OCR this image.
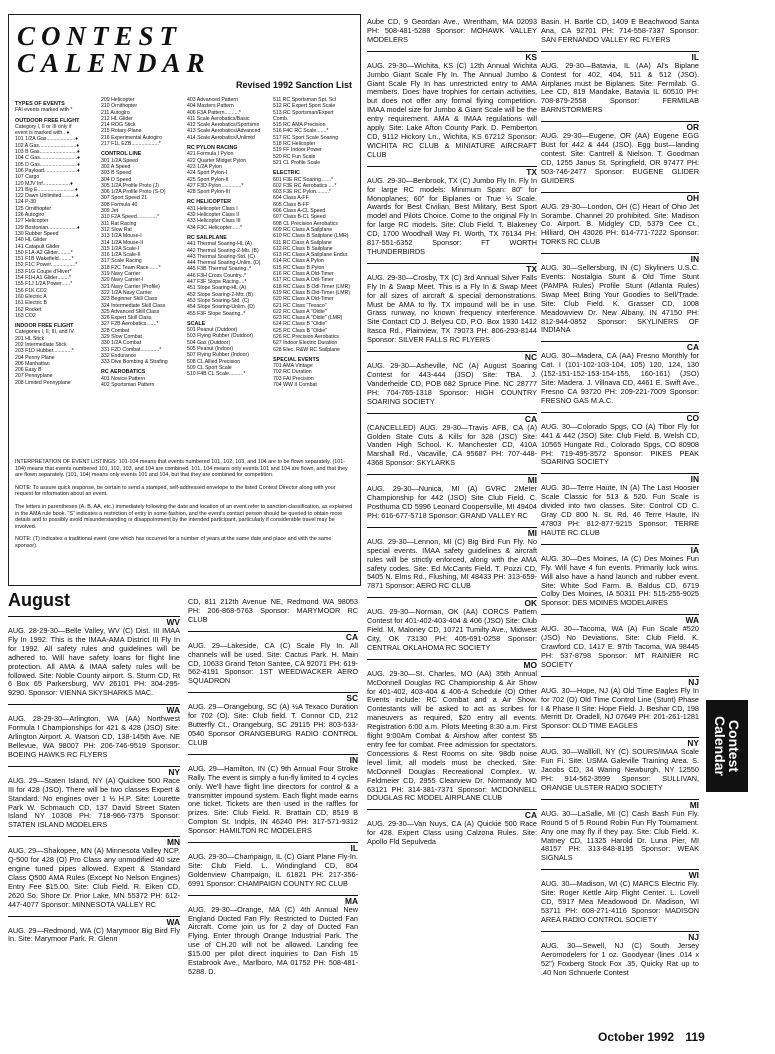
CONTEST
CALENDAR

Revised 1992 Sanction List

TYPES OF EVENTS
FAI events marked with *
OUTDOOR FREE FLIGHT
Category I, II or III only if
event is marked with.. ♦
101 1/2A Gas....................♦
102 A Gas..........................♦
103 B Gas..........................♦
104 C Gas..........................♦
105 D Gas..........................♦
106 Payload.......................♦
107 Cargo
120 MJV Inf...................♦
121 Big E..........................♦
122 Dawn Unlimited..........♦
124 P-30
125 Ornithopter
126 Autogiro
127 Helicopter
129 Bostonian....................♦
130 Rubber Speed
140 HL Glider
141 Catapult Glider
150 F1A-A2 Glider.........*
151 F1B Wakefield.........*
152 F1C Power.................*
153 F1G Coupe d'Hiver*
154 F1H A1 Glider........*
155 F1J 1/2A Power......*
156 F1K CO2
160 Electric A
161 Electric B
162 Rocket
163 CO2
INDOOR FREE FLIGHT
Categories I, II, III, and IV
201 HL Stick
202 Intermediate Stick
203 F1D Hubber.............*
204 Penny Plane
206 Manhattan
206 Easy B
207 Pennyplane
208 Limited Pennyplane
209 Helicopter
210 Ornithopter
211 Autogiro
212 HL Glider
214 ROG Stick
215 Rotary-Plane
216 Experimental Autogiro
217 F1L EZB...................*
CONTROL LINE
301 1/2A Speed
302 A Speed
303 B Speed
304 D Speed
305 1/2A Profile Proto (J)
306 1/2A Profile Proto (S-O)
307 Sport Speed 21
308 Formula 40
309 Jet
310 F2A Speed..............*
311 Rat Racing
312 Slow Rat
313 1/2A Mouse-I
314 1/2A Mouse-II
315 1/2A Scale-I
316 1/2A Scale-II
317 Scale Racing
318 F2C Team Race ......*
319 Navy Carrier
320 Navy Carrier-I
321 Navy Carrier (Profile)
322 1/2A Navy Carrier
323 Beginner Skill Class
324 Intermediate Skill Class
325 Advanced Skill Class
326 Expert Skill Class
327 F2B Aerobatics.......*
328 Combat
329 Slow Combat
330 1/2A Combat
331 F2D Combat.............*
332 Endurance
333 Dive Bombing & Strafing
RC AEROBATICS
401 Novice Pattern
402 Sportsman Pattern
403 Advanced Pattern
404 Masters Pattern
406 F3A Pattern..........*
411 Scale Aerobatics/Basic
412 Scale Aerobatics/Sportsmn
413 Scale Aerobatics/Advanced
414 Scale Aerobatics/Unlimtd
RC PYLON RACING
421 Formula I Pylon
422 Quarter Midget Pylon
423 1/2A Pylon
424 Sport Pylon-I
425 Sport Pylon-II
427 F3D Pylon..............*
428 Sport Pylon-III
RC HELICOPTER
431 Helicopter Class I
432 Helicopter Class II
433 Helicopter Class III
434 F3C Helicopter......*
RC SAILPLANE
441 Thermal Soaring-HL (A)
442 Thermal Soaring-2-Mtr. (B)
443 Thermal Soaring-Std. (C)
444 Thermal Soaring-Unlim. (D)
445 F3B Thermal Soaring..*
446 F3H Cross Country..*
447 F3F Slope Racing....*
451 Slope Soaring-HL (A)
452 Slope Soaring-2-Mtr. (B)
453 Slope Soaring-Std. (C)
454 Slope Soaring-Unlim. (D)
455 F3F Slope Soaring..*
SCALE
501 Peanut (Outdoor)
503 Flying Rubber (Outdoor)
504 Gas (Outdoor)
505 Peanut (Indoor)
507 Flying Rubber (Indoor)
508 CL Allied Precision
509 CL Sport Scale
510 F4B CL Scale..........*
511 RC Sportsman Spt. Scl
512 RC Expert Sport Scale
513 RC Sportsman/Expert
Comb.
515 RC AMA Precision
516 F4C RC Scale.......*
517 RC Sport Scale Soaring
518 RC Helicopter
519 FF Indoor Power
520 RC Fun Scale
521 CL Profile Scale
ELECTRIC
601 F3E RC Soaring.......*
602 F3E RC Aerobatics ....*
603 F3E RC Pylon.........*
604 Class A-FF
605 Class B-FF
606 Class A-CL Speed
607 Class B-CL Speed
608 CL Precision Aerobatics
609 RC Class A Sailplane
610 RC Class B Sailplane (LMR)
611 RC Class A Sailplane
612 RC Class B Sailplane
613 RC Class A Sailplane Endur.
614 RC Class A Pylon
615 RC Class B Pylon
616 RC Class A Old-Timer
617 RC Class A Odl-Timer
618 RC Class B Odl-Timer (LMR)
619 RC Class B Old-Timer (LMR)
620 RC Class A Old-Timer
621 RC Class "Texaco"
622 RC Class A "Oldie"
623 RC Class A "Oldie" (LMR)
624 RC Class B "Oldie"
625 RC Class B "Oldie"
626 RC Precision Aerobatics
627 Indoor Electric Duration
628 Elec. R&W RC Sailplane
SPECIAL EVENTS
701 AMA Vintage
702 RC Duration
703 FAI Precision
704 WW II Combat

INTERPRETATION OF EVENT LISTINGS: 101-104 means that events numbered 101, 102, 103, and 104 are to be flown separately. (101-104) means that events numbered 101, 102, 103, and 104 are combined. 101, 104 means only events 101 and 104 are flown, and that they are flown separately. (101, 104) means only events 101 and 104, but that they are combined for competition.

NOTE: To assure quick response, be certain to send a stamped, self-addressed envelope to the listed Contest Director along with your request for information about an event.

The letters in parentheses (A, B, AA, etc.) immediately following the date and location of an event refer to sanction classification, as explained in the AMA rule book. "S" indicates a restriction of entry in some fashion, and the event's contact person should be queried to obtain more details and to possibly avoid misunderstanding or disappointment by the intended participant, particularly if considerable travel may be involved.

NOTE: (T) indicates a traditional event (one which has occurred for a number of years at the same date and place and with the same sponsor).

August
WV

AUG. 28-29-30—Belle Valley, WV (C) Dist. III IMAA Fly In 1992. This is the IMAA-AMA District III Fly In for 1992. All safety rules and guidelines will be adhered to. Will have safety loans for flight line protection. All AMA & IMAA safety rules will be followed. Site: Noble County airport. S. Sturm CD, Rt 6 Box 65 Parkersburg, WV 26101 PH: 304-295-9290. Sponsor: VIENNA SKYSHARKS MAC.

WA

AUG. 28-29-30—Arlington, WA (AA) Northwest Formula I Championships for 421 & 428 (JSO) Site: Arlington Airport. A. Watson CD, 138-145th Ave. NE Bellevue, WA 98007 PH: 206-746-9519 Sponsor: BOEING HAWKS RC FLYERS

NY

AUG. 29—Staten Island, NY (A) Quickee 500 Race III for 428 (JSO). There will be two classes Expert & Standard. No engines over 1 ½ H.P. Site: Lourette Park W. Schmauch CD, 137 David Street Staten Island NY 10308 PH: 718-966-7375 Sponsor: STATEN ISLAND MODELERS

MN

AUG. 29—Shakopee, MN (A) Minnesota Valley NCP, Q-500 for 428 (O) Pro Class any unmodified 40 size engine tuned pipes allowed. Expert & Standard Class Q500 AMA Rules (Except No Nelson Engines) Entry Fee $15.00. Site: Club Field. R. Eiken CD, 2620 So. Shore Dr. Prior Lake, MN 55372 PH: 612-447-4077 Sponsor: MINNESOTA VALLEY RC

WA

AUG. 29—Redmond, WA (C) Marymoor Big Bird Fly In. Site: Marymoor Park. R. Glenn

CD, 811 212th Avenue NE, Redmond WA 98053 PH: 206-868-5763 Sponsor: MARYMOOR RC CLUB

CA

AUG. 29—Lakeside, CA (C) Scale Fly In. All channels will be used. Site: Cactus Park. H. Main CD, 10633 Grand Teton Santee, CA 92071 PH: 619-562-4191 Sponsor: 1ST WEEDWACKER AERO SQUADRON

SC

AUG. 29—Orangeburg, SC (A) ½A Texaco Duration for 702 (O). Site: Club field. T. Connor CD, 212 Butterfly Ct., Orangeburg, SC 29115 PH: 803-533-0540 Sponsor ORANGEBURG RADIO CONTROL CLUB

IN

AUG. 29—Hamilton, IN (C) 9th Annual Four Stroke Rally. The event is simply a fun-fly limited to 4 cycles only. We'll have flight line directors for control & a transmitter impound system. Each flight made earns one ticket. Tickets are then used in the raffles for prizes. Site: Club Field. R. Brattain CD, 8519 B Compton St. Indpls, IN 46240 PH: 317-571-9312 Sponsor: HAMILTON RC MODELERS

IL

AUG. 29-30—Champaign, IL (C) Giant Plane Fly-In. Site: Club Field. L. Windingland CD, 804 Goldenview Champaign, IL 61821 PH: 217-356-6991 Sponsor: CHAMPAIGN COUNTY RC CLUB

MA

AUG. 29-30—Orange, MA (C) 4th Annual New England Ducted Fan Fly. Restricted to Ducted Fan Aircraft. Come join us for 2 day of Ducted Fan Flying. Enter through Orange Industrial Park. The use of CH.20 will not be allowed. Landing fee $15.00 per pilot direct inquiries to Dan Fish 15 Estabrook Ave., Marlboro, MA 01752 PH: 508-481-5288. D.

Aube CD, 9 Geordan Ave., Wrentham, MA 02093 PH: 508-481-5288 Sponsor: MOHAWK VALLEY MODELERS

KS

AUG. 29-30—Wichita, KS (C) 12th Annual Wichita Jumbo Giant Scale Fly In. The Annual Jumbo & Giant Scale Fly In has unrestricted entry to AMA members. Does have trophies for certain activities, but does not offer any formal flying competition. IMAA model size for Jumbo & Giant Scale will be the entry requirement. AMA & IMAA regulations will apply. Site: Lake Afton County Park. D. Pemberton CD, 9112 Hickory Ln., Wichita, KS 67212 Sponsor: WICHITA RC CLUB & MINIATURE AIRCRAFT CLUB

TX

AUG. 29-30—Benbrook, TX (C) Jumbo Fly In. Fly In for large RC models: Minimum Span: 80" for Monoplanes; 60" for Biplanes or True ¼ Scale. Awards for Best Civilian, Best Military, Best Sport model and Pilots Choice. Come to the original Fly In for large RC models. Site: Club Field. T. Blakeney CD, 1700 Woodhall Way Ft. Worth, TX 76134 PH: 817-551-6352 Sponsor: FT WORTH THUNDERBIRDS

TX

AUG. 29-30—Crosby, TX (C) 3rd Annual Silver Falls Fly In & Swap Meet. This is a Fly In & Swap Meet for all sizes of aircraft & special demonstrations. Must be AMA to fly. TX impound will be in use. Grass runway, no known frequency interference. Site Contact CD J. Belyeu CD, P.O. Box 1930 1412 Itasca Rd., Plainview, TX 79073 PH: 806-293-8144 Sponsor: SILVER FALLS RC FLYERS

NC

AUG. 29-30—Asheville, NC (A) August Soaring Contest for 443-444 (JSO) Site: TBA. J. Vanderheide CD, POB 682 Spruce Pine. NC 28777 PH: 704-765-1318 Sponsor: HIGH COUNTRY SOARING SOCIETY

CA

(CANCELLED) AUG. 29-30—Travis AFB, CA (A) Golden State Cuts & Kills for 328 (JSC) Site: Vanden High School. K. Manchester CD, 410A Marshall Rd., Vacaville, CA 95687 PH: 707-448-4368 Sponsor: SKYLARKS

MI

AUG. 29-30—Nunica, MI (A) GVRC 2Meter Championship for 442 (JSO) Site Club Field. C. Posthuma CD 5996 Leonard Coopersville, MI 49404 PH: 616-677-5718 Sponsor: GRAND VALLEY RC

MI

AUG. 29-30—Lennon, MI (C) Big Bird Fun Fly. No special events. IMAA safety guidelines & aircraft rules will be strictly enforced, along with the AMA safety codes. Site: Ed McCants Field. T. Pozzi CD, 5405 N. Elms Rd., Flushing, MI 48433 PH: 313-659-7871 Sponsor: AERO RC CLUB

OK

AUG. 29-30—Norman, OK (AA) CORCS Pattern Contest for 401-402-403-404 & 406 (JSO) Site: Club Field. M. Maloney CD, 10721 Tumilty Ave., Midwest City, OK 73130 PH: 405-691-0258 Sponsor: CENTRAL OKLAHOMA RC SOCIETY

MO

AUG. 29-30—St. Charles, MO (AA) 35th Annual McDonnell Douglas RC Championship & Air Show for 401-402, 403-404 & 406-A Schedule (O) Other Events include: RC Combat and a Air Show. Contestants will be asked to act as scribes for maneuvers as required, $20 entry all events. Registration 6:00 a.m. Pilots Meeting 8:30 a.m. First flight 9:00Am Combat & Airshow after contest $5 entry fee for combat. Free admission for spectators. Concessions & Rest Rooms on site. 98db noise level limit, all models must be checked. Site: McDonnell Douglas Recreational Complex. W. Feldmeier CD, 2955 Clearview Dr. Normandy MO 63121 PH: 314-381-7371 Sponsor: MCDONNELL DOUGLAS RC MODEL AIRPLANE CLUB

CA

AUG. 29-30—Van Nuys, CA (A) Quickie 500 Race for 428. Expert Class using Calzona Rules. Site: Apollo Fld Sepulveda

Basin. H. Bartle CD, 1409 E Beachwood Santa Ana, CA 92701 PH: 714-558-7337 Sponsor: SAN FERNANDO VALLEY RC FLYERS

IL

AUG. 29-30—Batavia, IL (AA) Al's Biplane Contest for 402, 404, 511 & 512 (JSO). Airplanes must be Biplanes. Site: Fermilab. G. Lee CD, 819 Mandake, Batavia IL 60510 PH: 708-879-2558 Sponsor: FERMILAB BARNSTORMERS

OR

AUG. 29-30—Eugene, OR (AA) Eugene EGG Bust for 442 & 444 (JSO). Egg bust—landing contest. Site: Cantrell & Nielson. T. Goodman CD, 1255 Janus St. Springfield, OR 97477 PH: 503-746-2477 Sponsor: EUGENE GLIDER GUIDERS

OH

AUG. 29-30—London, OH (C) Heart of Ohio Jet Sorambe. Channel 20 prohibited. Site: Madison Co. Airport. B. Midgley CD, 5379 Cee Ct., Hilliard, OH 43026 PH: 614-771-7222 Sponsor: TORKS RC CLUB

IN

AUG. 30—Sellersburg, IN (C) Skyliners U.S.C. Events: Nostalgia Stunt & Old Time Stunt (PAMPA Rules) Profile Stunt (Atlanta Rules) Swap Meet Bring Your Goodies to Sell/Trade. Site: Club Field. K. Grasser CD, 1008 Meadowview Dr. New Albany, IN 47150 PH: 812-944-0852 Sponsor: SKYLINERS OF INDIANA

CA

AUG. 30—Madera, CA (AA) Fresno Monthly for Cat. I (101-102-103-104, 105) 120, 124, 130 (152-151-152-153-154-155, 160-161) (JSO) Site: Madera. J. Villnava CD, 4461 E. Swift Ave., Fresno CA 93720 PH: 209-221-7009 Sponsor: FRESNO GAS M.A.C.

CO

AUG. 30—Colorado Spgs, CO (A) Tibor Fly for 441 & 442 (JSO) Site: Club Field. B. Welsh CD, 10565 Hungate Rd., Colorado Spgs, CO 80908 PH: 719-495-3572 Sponsor: PIKES PEAK SOARING SOCIETY

IN

AUG. 30—Terre Haute, IN (A) The Last Hoosier Scale Classic for 513 & 520. Fun Scale is divided into two classes. Site: Control CD C. Gray CD 800 N. St. Rd. 46 Terre Haute, IN 47803 PH: 812-877-9215 Sponsor: TERRE HAUTE RC CLUB

IA

AUG. 30—Des Moines, IA (C) Des Moines Fun Fly. Will have 4 fun events. Primarily luck wins. Will also have a hand launch and rubber event. Site: White Sod Farm. B. Baldus CD, 6719 Colby Des Moines, IA 50311 PH: 515-255-9025 Sponsor: DES MOINES MODELAIRES

WA

AUG. 30—Tacoma, WA (A) Fun Scale #520 (JSO) No Deviations. Site: Club Field. K. Crawford CD, 1417 E. 97th Tacoma, WA 98445 PH: 537-8798 Sponsor: MT RAINIER RC SOCIETY

NJ

AUG. 30—Hope, NJ (A) Old Time Eagles Fly In for 702 (O) Old Time Control Line (Stunt) Phase I & Phase II Site: Hope Field. J. Beshar CD, 198 Merritt Dr. Oradell, NJ 07649 PH: 201-261-1281 Sponsor: OLD TIME EAGLES

NY

AUG. 30—Wallkill, NY (C) SOURS/IMAA Scale Fun Fi. Site: USMA Galeville Training Area. S. Jacobs CD, 34 Waring Newburgh, NY 12550 PH: 914-562-3599 Sponsor: SULLIVAN, ORANGE ULSTER RADIO SOCIETY

MI

AUG. 30—LaSalle, MI (C) Cash Bash Fun Fly. Round 5 of 5 Round Robin Fun Fly Tournament. Any one may fly if they pay. Site: Club Field. K. Matney CD, 11325 Harold Dr. Luna Pier, MI 48157 PH: 313-848-8195 Sponsor: WEAK SIGNALS

WI

AUG. 30—Madison, WI (C) MARCS Electric Fly. Site: Roger Kettle Airp Flight Center. L. Lovell CD, 5917 Mea Meadowood Dr. Madison, WI 53711 PH: 608-271-4116 Sponsor: MADISON AREA RADIO CONTROL SOCIETY

NJ

AUG. 30—Sewell, NJ (C) South Jersey Aeromodelers for 1 oz. Goodyear (lines .014 x 52") Foxberg Stock Fox .35, Quicky Rat up to .40 Non Schnuerle Contest

Contest
Calendar
October 1992 119
